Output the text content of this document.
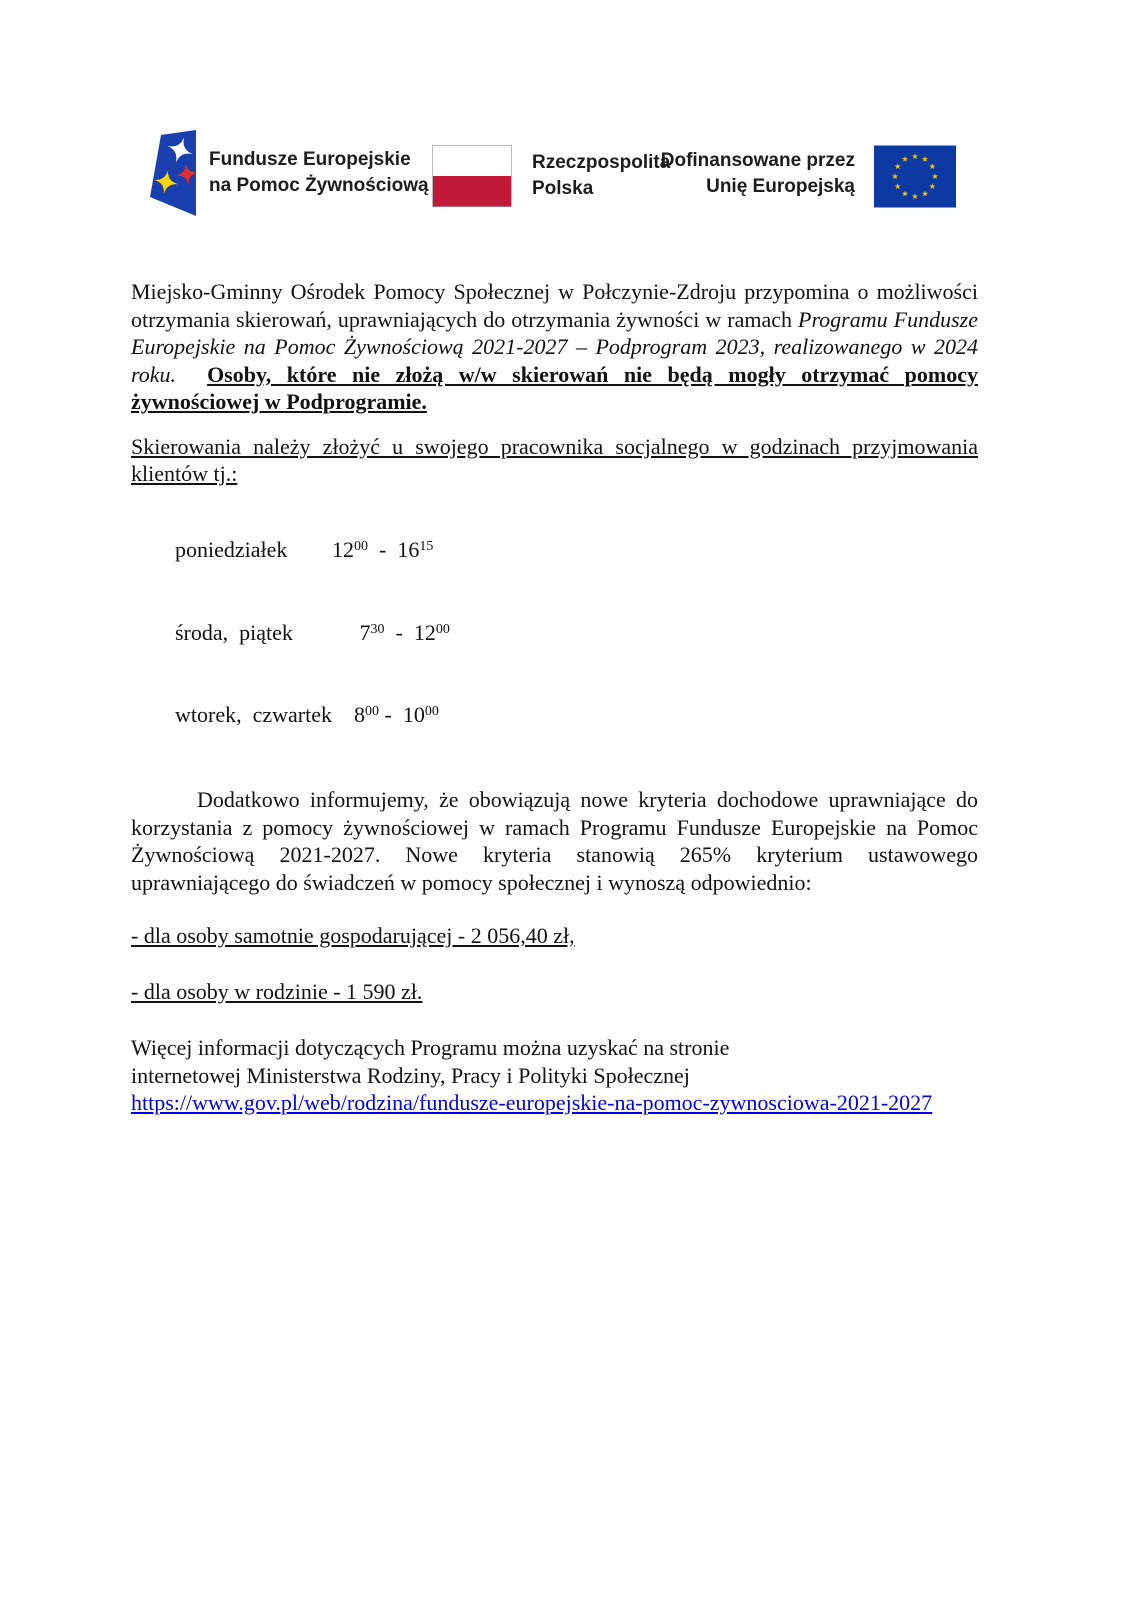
Fundusze Europejskie
na Pomoc Żywnościową
Rzeczpospolita
Polska
Dofinansowane przez
Unię Europejską

Miejsko-Gminny Ośrodek Pomocy Społecznej w Połczynie-Zdroju przypomina o możliwości otrzymania skierowań, uprawniających do otrzymania żywności w ramach Programu Fundusze Europejskie na Pomoc Żywnościową 2021-2027 – Podprogram 2023, realizowanego w 2024 roku. Osoby, które nie złożą w/w skierowań nie będą mogły otrzymać pomocy żywnościowej w Podprogramie.

Skierowania należy złożyć u swojego pracownika socjalnego w godzinach przyjmowania klientów tj.:

poniedziałek $12^{00} - 16^{15}$

środa,  piątek     $7^{30} - 12^{00}$

wtorek,  czwartek    $8^{00} - 10^{00}$

Dodatkowo informujemy, że obowiązują nowe kryteria dochodowe uprawniające do korzystania z pomocy żywnościowej w ramach Programu Fundusze Europejskie na Pomoc Żywnościową 2021-2027. Nowe kryteria stanowią 265% kryterium ustawowego uprawniającego do świadczeń w pomocy społecznej i wynoszą odpowiednio:

- dla osoby samotnie gospodarującej - 2 056,40 zł,

- dla osoby w rodzinie - 1 590 zł.

Więcej informacji dotyczących Programu można uzyskać na stronie
internetowej Ministerstwa Rodziny, Pracy i Polityki Społecznej
https://www.gov.pl/web/rodzina/fundusze-europejskie-na-pomoc-zywnosciowa-2021-2027
